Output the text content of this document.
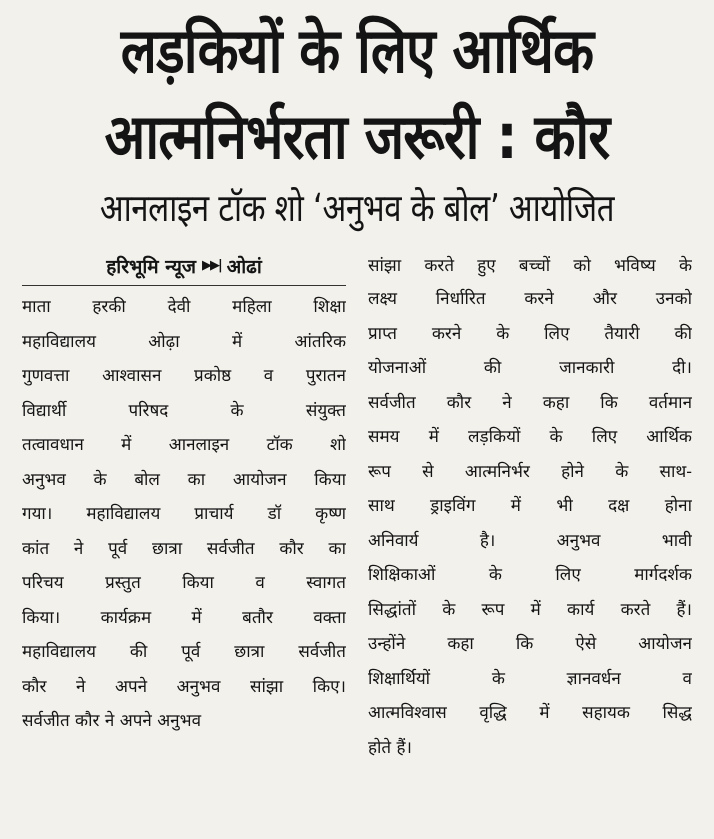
लड़कियों के लिए आर्थिक
आत्मनिर्भरता जरूरी : कौर
आनलाइन टॉक शो ‘अनुभव के बोल’ आयोजित
हरिभूमि न्यूज ▶▶| ओढां
माता हरकी देवी महिला शिक्षा
महाविद्यालय ओढ़ा में आंतरिक
गुणवत्ता आश्वासन प्रकोष्ठ व पुरातन
विद्यार्थी परिषद के संयुक्त
तत्वावधान में आनलाइन टॉक शो
अनुभव के बोल का आयोजन किया
गया। महाविद्यालय प्राचार्य डॉ कृष्ण
कांत ने पूर्व छात्रा सर्वजीत कौर का
परिचय प्रस्तुत किया व स्वागत
किया। कार्यक्रम में बतौर वक्ता
महाविद्यालय की पूर्व छात्रा सर्वजीत
कौर ने अपने अनुभव सांझा किए।
सर्वजीत कौर ने अपने अनुभव
सांझा करते हुए बच्चों को भविष्य के
लक्ष्य निर्धारित करने और उनको
प्राप्त करने के लिए तैयारी की
योजनाओं की जानकारी दी।
सर्वजीत कौर ने कहा कि वर्तमान
समय में लड़कियों के लिए आर्थिक
रूप से आत्मनिर्भर होने के साथ-
साथ ड्राइविंग में भी दक्ष होना
अनिवार्य है। अनुभव भावी
शिक्षिकाओं के लिए मार्गदर्शक
सिद्धांतों के रूप में कार्य करते हैं।
उन्होंने कहा कि ऐसे आयोजन
शिक्षार्थियों के ज्ञानवर्धन व
आत्मविश्वास वृद्धि में सहायक सिद्ध
होते हैं।
